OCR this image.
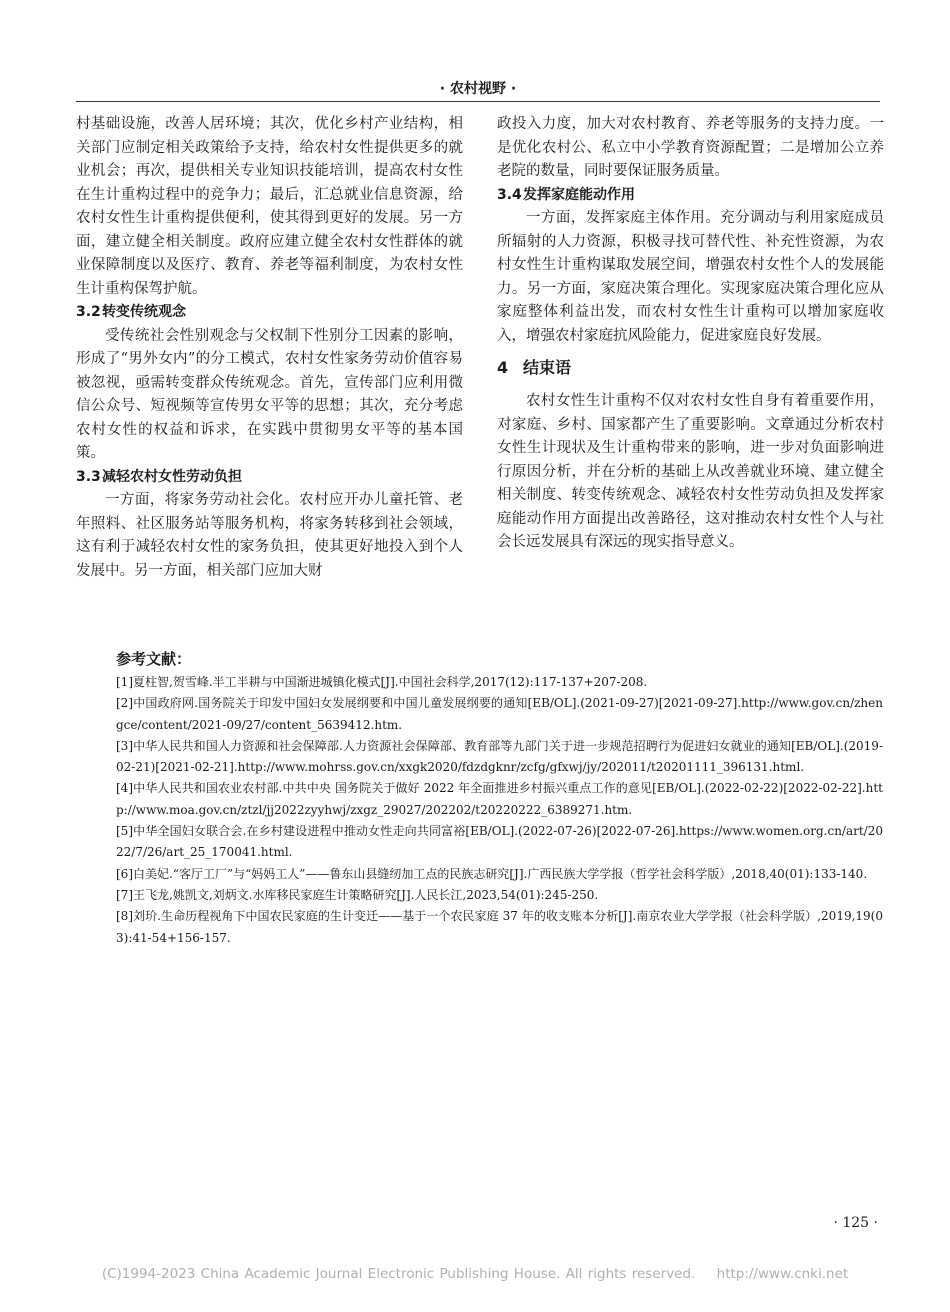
· 农村视野 ·

村基础设施，改善人居环境；其次，优化乡村产业结构，相关部门应制定相关政策给予支持，给农村女性提供更多的就业机会；再次，提供相关专业知识技能培训，提高农村女性在生计重构过程中的竞争力；最后，汇总就业信息资源，给农村女性生计重构提供便利，使其得到更好的发展。另一方面，建立健全相关制度。政府应建立健全农村女性群体的就业保障制度以及医疗、教育、养老等福利制度，为农村女性生计重构保驾护航。

3.2转变传统观念

受传统社会性别观念与父权制下性别分工因素的影响，形成了“男外女内”的分工模式，农村女性家务劳动价值容易被忽视，亟需转变群众传统观念。首先，宣传部门应利用微信公众号、短视频等宣传男女平等的思想；其次，充分考虑农村女性的权益和诉求，在实践中贯彻男女平等的基本国策。

3.3减轻农村女性劳动负担

一方面，将家务劳动社会化。农村应开办儿童托管、老年照料、社区服务站等服务机构，将家务转移到社会领域，这有利于减轻农村女性的家务负担，使其更好地投入到个人发展中。另一方面，相关部门应加大财

政投入力度，加大对农村教育、养老等服务的支持力度。一是优化农村公、私立中小学教育资源配置；二是增加公立养老院的数量，同时要保证服务质量。

3.4发挥家庭能动作用

一方面，发挥家庭主体作用。充分调动与利用家庭成员所辐射的人力资源，积极寻找可替代性、补充性资源，为农村女性生计重构谋取发展空间，增强农村女性个人的发展能力。另一方面，家庭决策合理化。实现家庭决策合理化应从家庭整体利益出发，而农村女性生计重构可以增加家庭收入，增强农村家庭抗风险能力，促进家庭良好发展。

4 结束语

农村女性生计重构不仅对农村女性自身有着重要作用，对家庭、乡村、国家都产生了重要影响。文章通过分析农村女性生计现状及生计重构带来的影响，进一步对负面影响进行原因分析，并在分析的基础上从改善就业环境、建立健全相关制度、转变传统观念、减轻农村女性劳动负担及发挥家庭能动作用方面提出改善路径，这对推动农村女性个人与社会长远发展具有深远的现实指导意义。

参考文献：

[1]夏柱智,贺雪峰.半工半耕与中国渐进城镇化模式[J].中国社会科学,2017(12):117-137+207-208.

[2]中国政府网.国务院关于印发中国妇女发展纲要和中国儿童发展纲要的通知[EB/OL].(2021-09-27)[2021-09-27].http://www.gov.cn/zhengce/content/2021-09/27/content_5639412.htm.

[3]中华人民共和国人力资源和社会保障部.人力资源社会保障部、教育部等九部门关于进一步规范招聘行为促进妇女就业的通知[EB/OL].(2019-02-21)[2021-02-21].http://www.mohrss.gov.cn/xxgk2020/fdzdgknr/zcfg/gfxwj/jy/202011/t20201111_396131.html.

[4]中华人民共和国农业农村部.中共中央 国务院关于做好 2022 年全面推进乡村振兴重点工作的意见[EB/OL].(2022-02-22)[2022-02-22].http://www.moa.gov.cn/ztzl/jj2022zyyhwj/zxgz_29027/202202/t20220222_6389271.htm.

[5]中华全国妇女联合会.在乡村建设进程中推动女性走向共同富裕[EB/OL].(2022-07-26)[2022-07-26].https://www.women.org.cn/art/2022/7/26/art_25_170041.html.

[6]白美妃.“客厅工厂”与“妈妈工人”——鲁东山县缝纫加工点的民族志研究[J].广西民族大学学报（哲学社会科学版）,2018,40(01):133-140.

[7]王飞龙,姚凯文,刘炳文.水库移民家庭生计策略研究[J].人民长江,2023,54(01):245-250.

[8]刘玠.生命历程视角下中国农民家庭的生计变迁——基于一个农民家庭 37 年的收支账本分析[J].南京农业大学学报（社会科学版）,2019,19(03):41-54+156-157.

· 125 ·
(C)1994-2023 China Academic Journal Electronic Publishing House. All rights reserved. http://www.cnki.net
